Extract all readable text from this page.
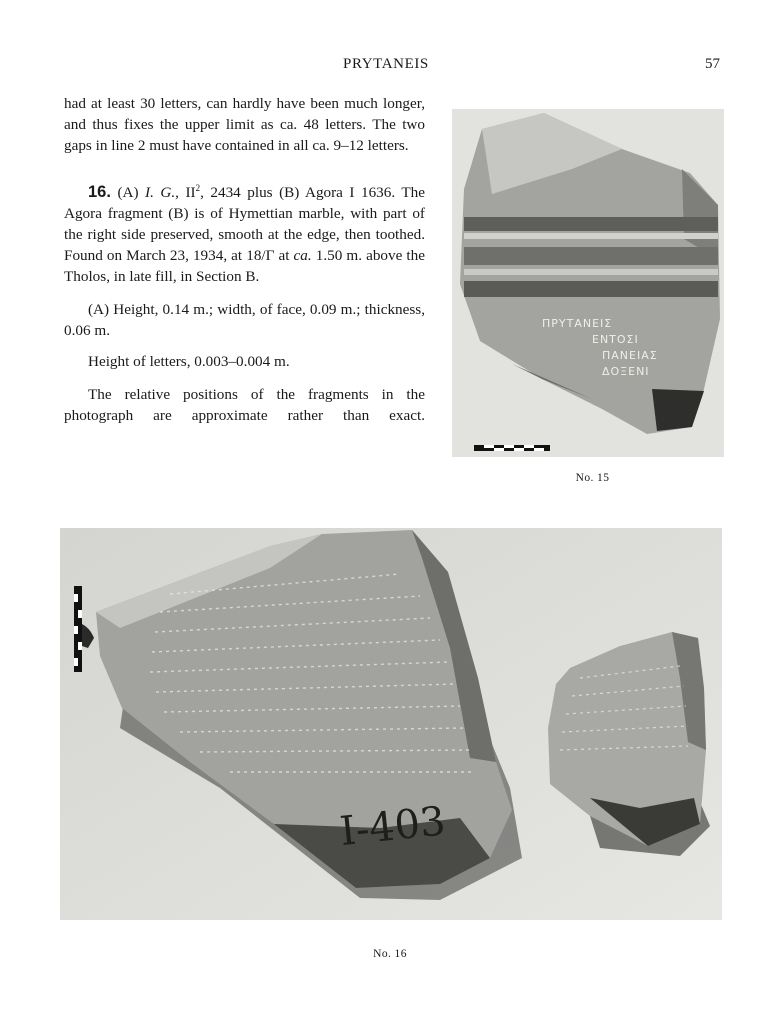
PRYTANEIS	57

had at least 30 letters, can hardly have been much longer, and thus fixes the upper limit as ca. 48 letters. The two gaps in line 2 must have contained in all ca. 9–12 letters.

16. (A) I. G., $II^2$, 2434 plus (B) Agora I 1636. The Agora fragment (B) is of Hymettian marble, with part of the right side preserved, smooth at the edge, then toothed. Found on March 23, 1934, at 18/Γ at ca. 1.50 m. above the Tholos, in late fill, in Section B.

(A) Height, 0.14 m.; width, of face, 0.09 m.; thickness, 0.06 m.

Height of letters, 0.003–0.004 m.

The relative positions of the fragments in the photograph are approximate rather than exact.

ΠΡΥΤΑΝΕΙΣ
ΕΝΤΟΣΙ
ΠΑΝΕΙΑΣ
ΔΟΞΕΝΙ
No. 15
I-403
No. 16
